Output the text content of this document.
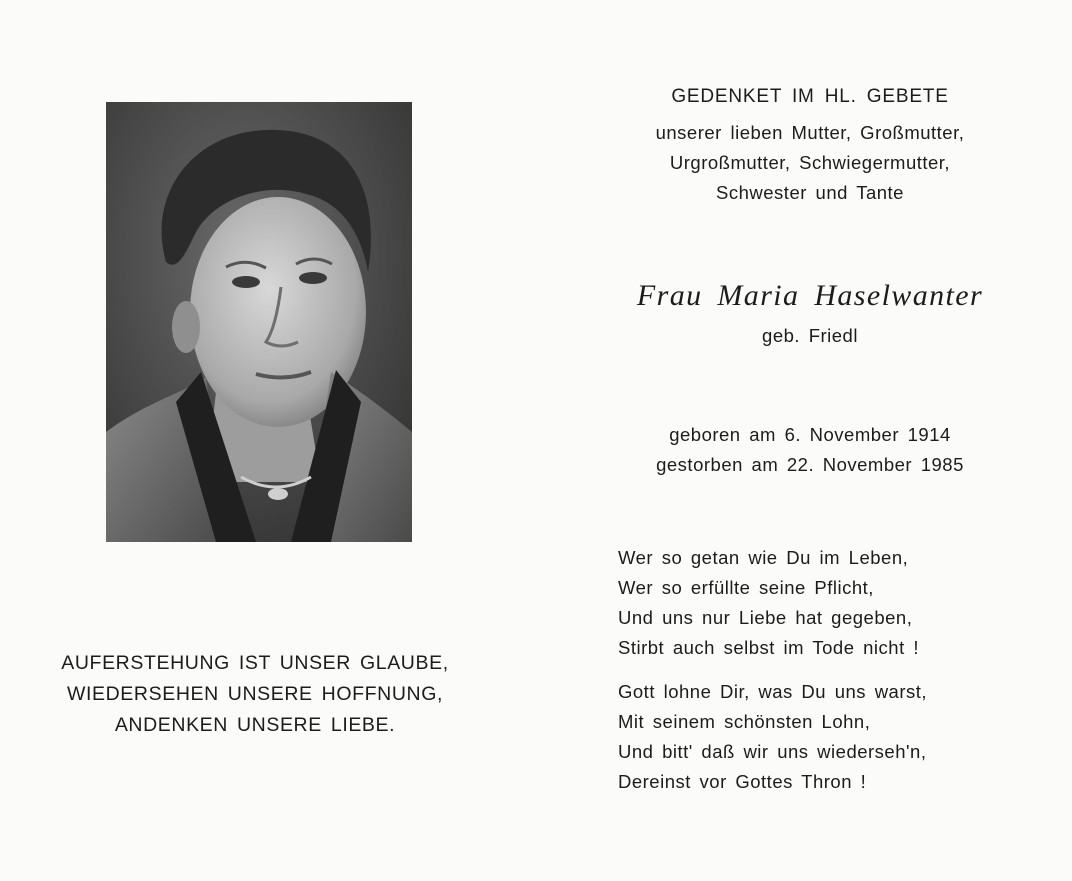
AUFERSTEHUNG IST UNSER GLAUBE,
WIEDERSEHEN UNSERE HOFFNUNG,
ANDENKEN UNSERE LIEBE.
GEDENKET IM HL. GEBETE
unserer lieben Mutter, Großmutter,
Urgroßmutter, Schwiegermutter,
Schwester und Tante
Frau Maria Haselwanter
geb. Friedl
geboren am 6. November 1914
gestorben am 22. November 1985
Wer so getan wie Du im Leben,
Wer so erfüllte seine Pflicht,
Und uns nur Liebe hat gegeben,
Stirbt auch selbst im Tode nicht !
Gott lohne Dir, was Du uns warst,
Mit seinem schönsten Lohn,
Und bitt' daß wir uns wiederseh'n,
Dereinst vor Gottes Thron !
